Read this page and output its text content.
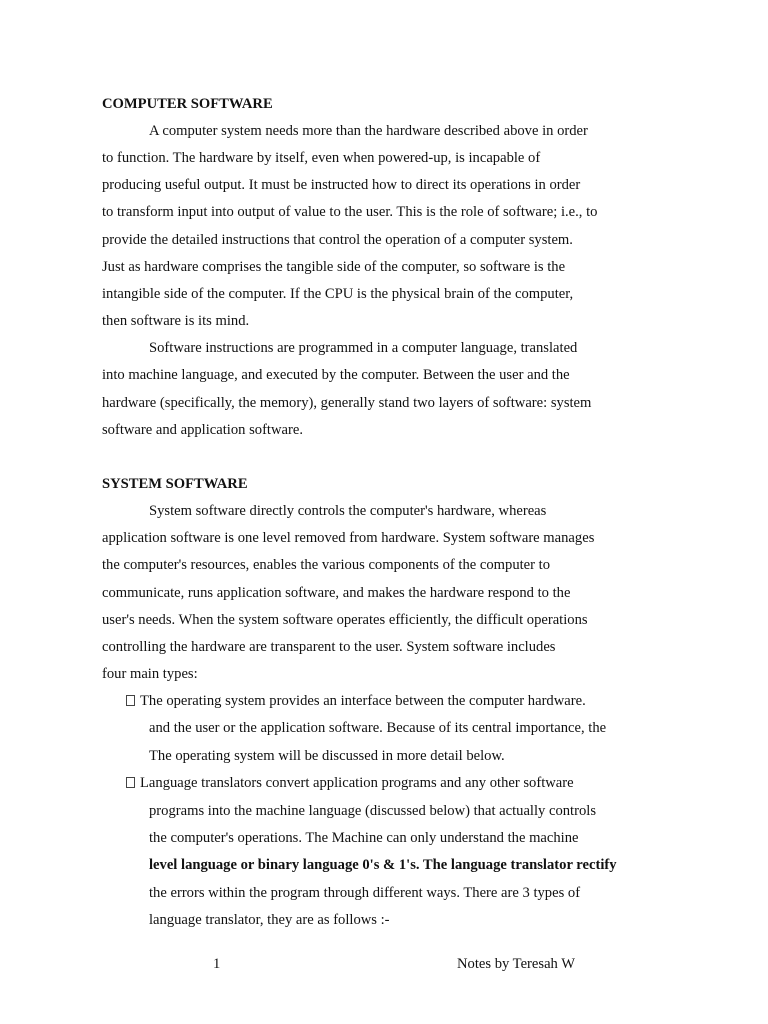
COMPUTER SOFTWARE
A computer system needs more than the hardware described above in order
to function. The hardware by itself, even when powered-up, is incapable of
producing useful output. It must be instructed how to direct its operations in order
to transform input into output of value to the user. This is the role of software; i.e., to
provide the detailed instructions that control the operation of a computer system.
Just as hardware comprises the tangible side of the computer, so software is the
intangible side of the computer. If the CPU is the physical brain of the computer,
then software is its mind.
Software instructions are programmed in a computer language, translated
into machine language, and executed by the computer. Between the user and the
hardware (specifically, the memory), generally stand two layers of software: system
software and application software.
SYSTEM SOFTWARE
System software directly controls the computer's hardware, whereas
application software is one level removed from hardware. System software manages
the computer's resources, enables the various components of the computer to
communicate, runs application software, and makes the hardware respond to the
user's needs. When the system software operates efficiently, the difficult operations
controlling the hardware are transparent to the user. System software includes
four main types:
The operating system provides an interface between the computer hardware.
and the user or the application software. Because of its central importance, the
The operating system will be discussed in more detail below.
Language translators convert application programs and any other software
programs into the machine language (discussed below) that actually controls
the computer's operations. The Machine can only understand the machine
level language or binary language 0's & 1's. The language translator rectify
the errors within the program through different ways. There are 3 types of
language translator, they are as follows :-
1	Notes by Teresah W
